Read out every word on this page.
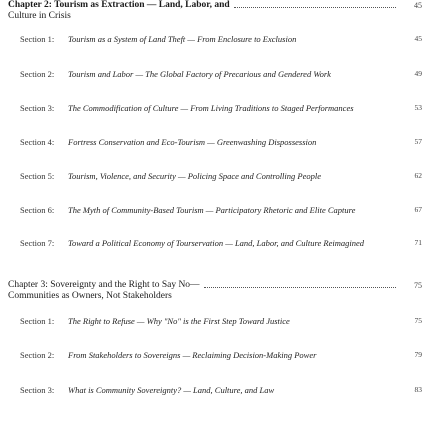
Chapter 2: Tourism as Extraction — Land, Labor, and	45
Culture in Crisis
Section 1:	Tourism as a System of Land Theft — From Enclosure to Exclusion	45
Section 2:	Tourism and Labor — The Global Factory of Precarious and Gendered Work	49
Section 3:	The Commodification of Culture — From Living Traditions to Staged Performances	53
Section 4:	Fortress Conservation and Eco-Tourism — Greenwashing Dispossession	57
Section 5:	Tourism, Violence, and Security — Policing Space and Controlling People	62
Section 6:	The Myth of Community-Based Tourism — Participatory Rhetoric and Elite Capture	67
Section 7:	Toward a Political Economy of Tourservation — Land, Labor, and Culture Reimagined	71
Chapter 3: Sovereignty and the Right to Say No—	75
Communities as Owners, Not Stakeholders
Section 1:	The Right to Refuse — Why "No" is the First Step Toward Justice	75
Section 2:	From Stakeholders to Sovereigns — Reclaiming Decision-Making Power	79
Section 3:	What is Community Sovereignty? — Land, Culture, and Law	83
